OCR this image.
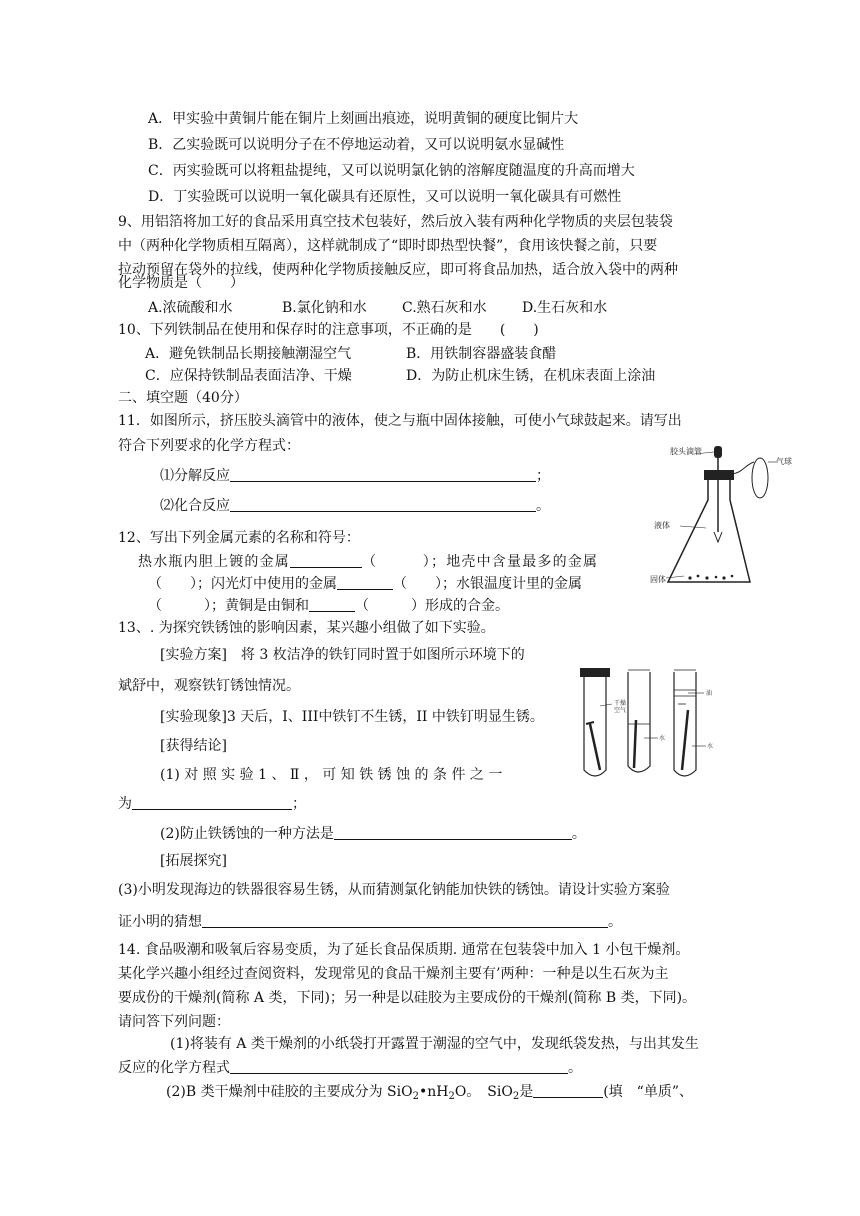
A．甲实验中黄铜片能在铜片上刻画出痕迹，说明黄铜的硬度比铜片大
B．乙实验既可以说明分子在不停地运动着，又可以说明氨水显碱性
C．丙实验既可以将粗盐提纯，又可以说明氯化钠的溶解度随温度的升高而增大
D．丁实验既可以说明一氧化碳具有还原性，又可以说明一氧化碳具有可燃性
9、用铝箔将加工好的食品采用真空技术包装好，然后放入装有两种化学物质的夹层包装袋
中（两种化学物质相互隔离），这样就制成了“即时即热型快餐”，食用该快餐之前，只要
拉动预留在袋外的拉线，使两种化学物质接触反应，即可将食品加热，适合放入袋中的两种
化学物质是（　　）
A.浓硫酸和水	B.氯化钠和水	C.熟石灰和水	D.生石灰和水
10、下列铁制品在使用和保存时的注意事项，不正确的是　　(　　)
A．避免铁制品长期接触潮湿空气	B．用铁制容器盛装食醋
C．应保持铁制品表面洁净、干燥	D．为防止机床生锈，在机床表面上涂油
二、填空题（40分）
11．如图所示，挤压胶头滴管中的液体，使之与瓶中固体接触，可使小气球鼓起来。请写出
符合下列要求的化学方程式：
⑴分解反应	；
⑵化合反应	。
胶头滴管
气球
液体
固体
12、写出下列金属元素的名称和符号：
热水瓶内胆上镀的金属	（　　　）；地壳中含量最多的金属
（　　）；闪光灯中使用的金属	（　　）；水银温度计里的金属
（　　　）；黄铜是由铜和	（　　　）形成的合金。
13、. 为探究铁锈蚀的影响因素，某兴趣小组做了如下实验。
[实验方案]　将 3 枚洁净的铁钉同时置于如图所示环境下的
斌舒中，观察铁钉锈蚀情况。
[实验现象]3 天后，I、III中铁钉不生锈，II 中铁钉明显生锈。
[获得结论]
(1) 对 照 实 验 1 、 Ⅱ ， 可 知 铁 锈 蚀 的 条 件 之 一
为	；
(2)防止铁锈蚀的一种方法是	。
[拓展探究]
(3)小明发现海边的铁器很容易生锈，从而猜测氯化钠能加快铁的锈蚀。请设计实验方案验
证小明的猜想	。
干燥空气
油
水
水
14. 食品吸潮和吸氧后容易变质，为了延长食品保质期. 通常在包装袋中加入 1 小包干燥剂。
某化学兴趣小组经过查阅资料，发现常见的食品干燥剂主要有’两种：一种是以生石灰为主
要成份的干燥剂(简称 A 类，下同)；另一种是以硅胶为主要成份的干燥剂(简称 B 类，下同)。
请问答下列问题：
(1)将装有 A 类干燥剂的小纸袋打开露置于潮湿的空气中，发现纸袋发热，与出其发生
反应的化学方程式	。
(2)B 类干燥剂中硅胶的主要成分为 $SiO_2•nH_2O$。　SiO$_2$是	(填　“单质”、
